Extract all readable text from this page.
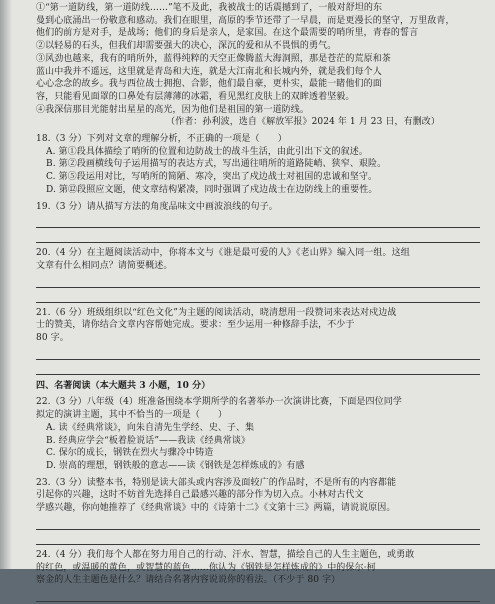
①“第一道防线，第一道防线……”笔不及此，我被战士的话震撼到了，一般对舒坦的东
曼到心底涌出一份敬意和感动。我们在眼里，高原的季节还带了一早晨，而是更漫长的坚守，万里敌青，
他们的前方是对手，是战场；他们的身后是亲人，是家国。在这个最需要的哨所里，青春的誓言
②以轻易的石头，但我们却需要强大的决心，深沉的爱和从不畏惧的勇气。
③风劲也越来，我有的哨所外，蓝得纯粹的天空正像腾蓝大海洞照，那是苍茫的荒原和茶
蓝山中我并不遥远，这里就是青岛和大连，就是大江南北和长城内外，就是我们每个人
心心念念的故乡。我与西位战士拥抱、合影，他们最自豪，更朴实，最能一睹他们的面
容，只能看见面罩的口鼻处有层薄薄的冰霜，看见黑红皮肤上的双眸透着坚毅。
④我深信那目光能射出星星的高光，因为他们是祖国的第一道防线。
（作者：孙利波，选自《解放军报》2024 年 1 月 23 日，有删改）
18.（3 分）下列对文章的理解分析，不正确的一项是（　　）
A. 第①段具体描绘了哨所的位置和边防战士的战斗生活，由此引出下文的叙述。
B. 第②段画横线句子运用描写的表达方式，写出通往哨所的道路陡峭、狭窄、艰险。
C. 第⑤段运用对比，写哨所的简陋、寒冷，突出了戍边战士对祖国的忠诚和坚守。
D. 第⑫段照应文题，使文章结构紧凑，同时强调了戍边战士在边防线上的重要性。
19.（3 分）请从描写方法的角度品味文中画波浪线的句子。
20.（4 分）在主题阅读活动中，你将本文与《谁是最可爱的人》《老山界》编入同一组。这组
文章有什么相同点？请简要概述。
21.（6 分）班级组织以“红色文化”为主题的阅读活动，晓清想用一段赞词来表达对戍边战
士的赞美，请你结合文章内容帮她完成。要求：至少运用一种修辞手法，不少于
80 字。
四、名著阅读（本大题共 3 小题，10 分）
22.（3 分）八年级（4）班准备围绕本学期所学的名著举办一次演讲比赛，下面是四位同学
拟定的演讲主题，其中不恰当的一项是（　　）
A. 读《经典常谈》，向朱自清先生学经、史、子、集
B. 经典应学会“板着脸说话”——我读《经典常谈》
C. 保尔的成长，钢铁在烈火与骤冷中铸造
D. 崇高的理想，钢铁般的意志——读《钢铁是怎样炼成的》有感
23.（3 分）读整本书，特别是读大部头或内容涉及面较广的作品时，不是所有的内容都能
引起你的兴趣，这时不妨首先选择自己最感兴趣的部分作为切入点。小林对古代文
学感兴趣，你向她推荐了《经典常谈》中的《诗第十二》《文第十三》两篇，请说说原因。
24.（4 分）我们每个人都在努力用自己的行动、汗水、智慧，描绘自己的人生主题色，或勇敢
的红色，或温暖的黄色，或智慧的蓝色……你认为《钢铁是怎样炼成的》中的保尔·柯
察金的人生主题色是什么？请结合名著内容说说你的看法。（不少于 80 字）
